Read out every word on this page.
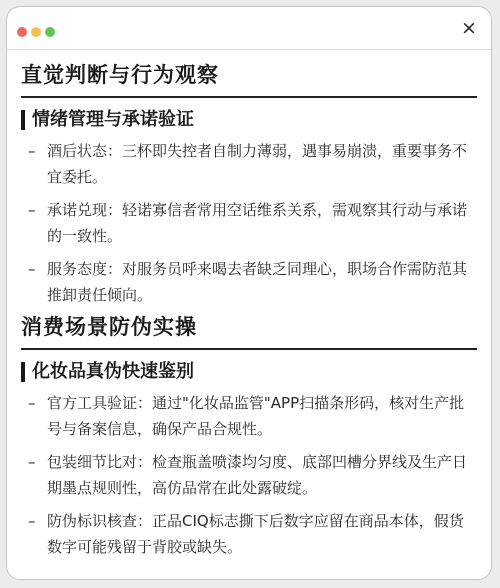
×
直觉判断与行为观察
情绪管理与承诺验证
– 酒后状态：三杯即失控者自制力薄弱，遇事易崩溃，重要事务不宜委托。
– 承诺兑现：轻诺寡信者常用空话维系关系，需观察其行动与承诺的一致性。
– 服务态度：对服务员呼来喝去者缺乏同理心，职场合作需防范其推卸责任倾向。
消费场景防伪实操
化妆品真伪快速鉴别
– 官方工具验证：通过"化妆品监管"APP扫描条形码，核对生产批号与备案信息，确保产品合规性。
– 包装细节比对：检查瓶盖喷漆均匀度、底部凹槽分界线及生产日期墨点规则性，高仿品常在此处露破绽。
– 防伪标识核查：正品CIQ标志撕下后数字应留在商品本体，假货数字可能残留于背胶或缺失。
